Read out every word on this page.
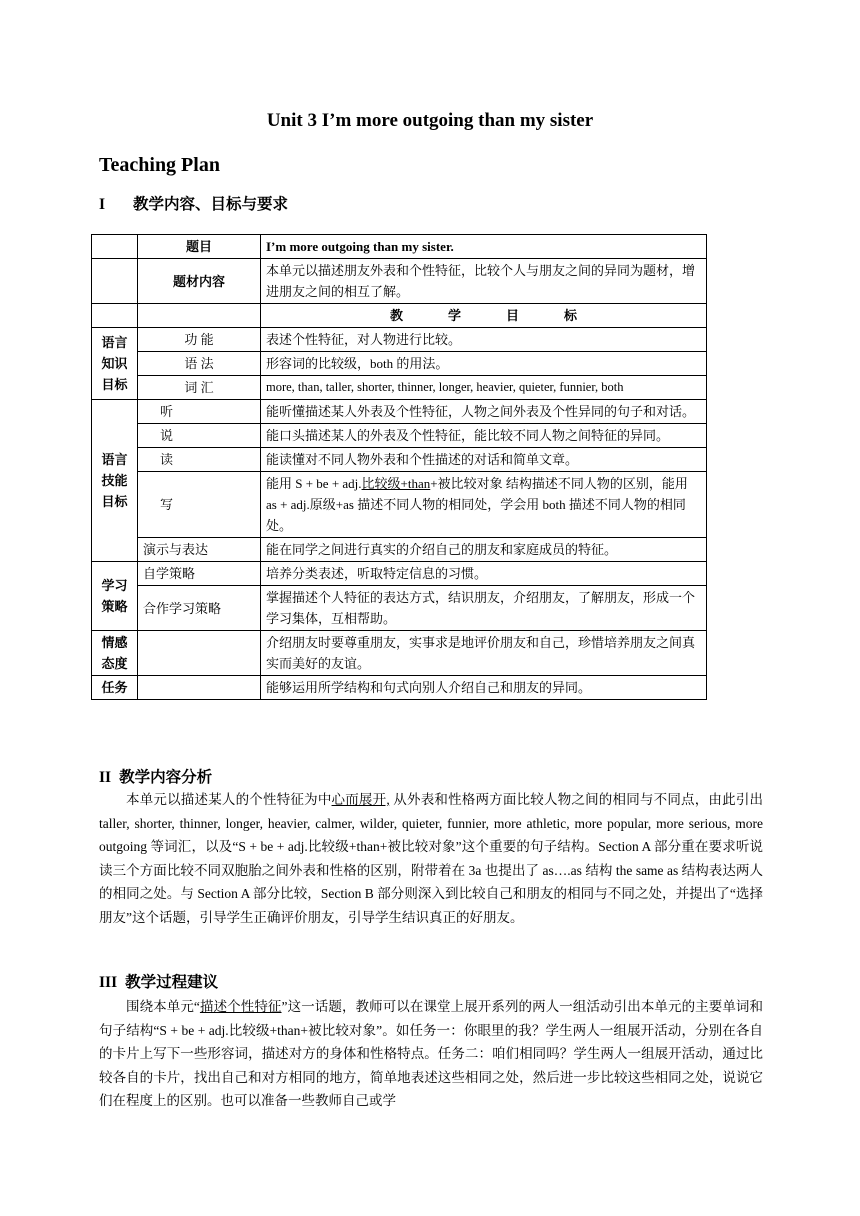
Unit 3 I’m more outgoing than my sister
Teaching Plan
I 教学内容、目标与要求
	题目	I’m more outgoing than my sister.
	题材内容	本单元以描述朋友外表和个性特征，比较个人与朋友之间的异同为题材，增进朋友之间的相互了解。
		教 学 目 标
语言知识目标	功 能	表述个性特征，对人物进行比较。
	语 法	形容词的比较级，both 的用法。
	词 汇	more, than, taller, shorter, thinner, longer, heavier, quieter, funnier, both
语言技能目标	听	能听懂描述某人外表及个性特征，人物之间外表及个性异同的句子和对话。
	说	能口头描述某人的外表及个性特征，能比较不同人物之间特征的异同。
	读	能读懂对不同人物外表和个性描述的对话和简单文章。
	写	能用 S + be + adj.比较级+than+被比较对象 结构描述不同人物的区别，能用 as + adj.原级+as 描述不同人物的相同处，学会用 both 描述不同人物的相同处。
	演示与表达	能在同学之间进行真实的介绍自己的朋友和家庭成员的特征。
学习策略	自学策略	培养分类表述，听取特定信息的习惯。
	合作学习策略	掌握描述个人特征的表达方式，结识朋友，介绍朋友，了解朋友，形成一个学习集体，互相帮助。
情感态度		介绍朋友时要尊重朋友，实事求是地评价朋友和自己，珍惜培养朋友之间真实而美好的友谊。
任务		能够运用所学结构和句式向别人介绍自己和朋友的异同。
II 教学内容分析
本单元以描述某人的个性特征为中心而展开, 从外表和性格两方面比较人物之间的相同与不同点，由此引出 taller, shorter, thinner, longer, heavier, calmer, wilder, quieter, funnier, more athletic, more popular, more serious, more outgoing 等词汇，以及“S + be + adj.比较级+than+被比较对象”这个重要的句子结构。Section A 部分重在要求听说读三个方面比较不同双胞胎之间外表和性格的区别，附带着在 3a 也提出了 as….as 结构 the same as 结构表达两人的相同之处。与 Section A 部分比较，Section B 部分则深入到比较自己和朋友的相同与不同之处，并提出了“选择朋友”这个话题，引导学生正确评价朋友，引导学生结识真正的好朋友。
III 教学过程建议
围绕本单元“描述个性特征”这一话题，教师可以在课堂上展开系列的两人一组活动引出本单元的主要单词和句子结构“S + be + adj.比较级+than+被比较对象”。如任务一：你眼里的我？学生两人一组展开活动，分别在各自的卡片上写下一些形容词，描述对方的身体和性格特点。任务二：咱们相同吗？学生两人一组展开活动，通过比较各自的卡片，找出自己和对方相同的地方，简单地表述这些相同之处，然后进一步比较这些相同之处，说说它们在程度上的区别。也可以准备一些教师自己或学
